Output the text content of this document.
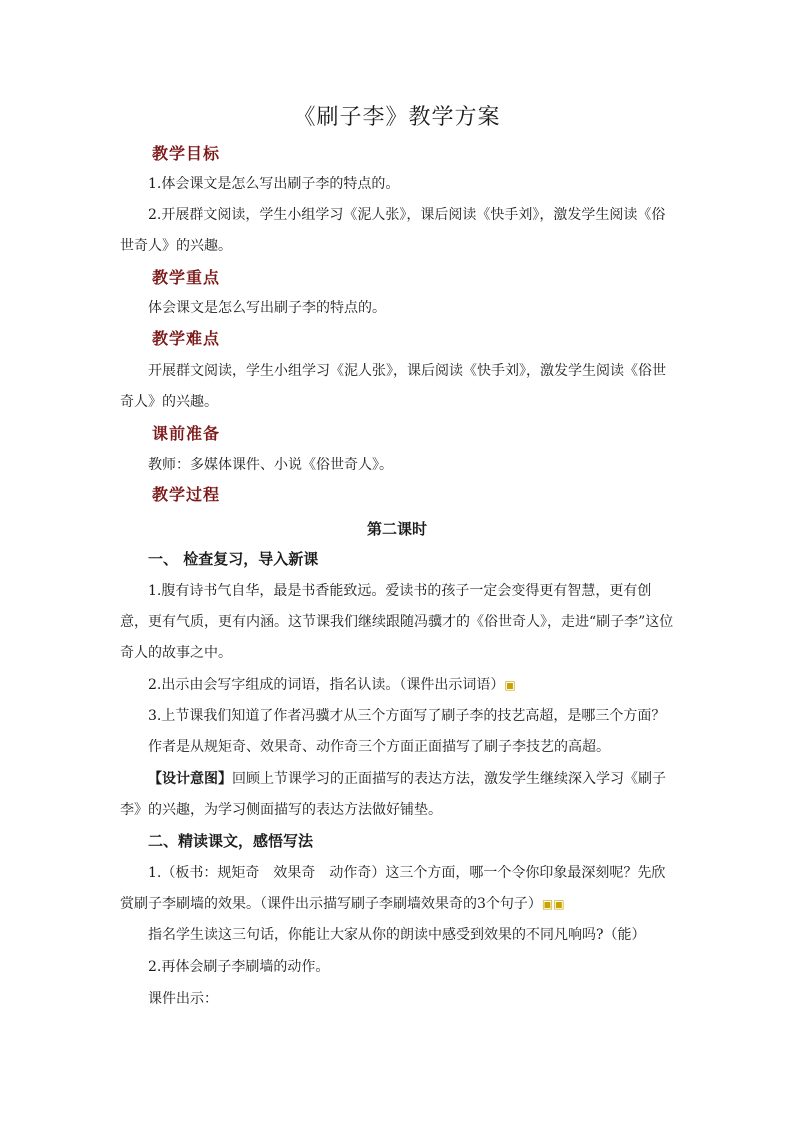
《刷子李》教学方案
教学目标
1.体会课文是怎么写出刷子李的特点的。
2.开展群文阅读，学生小组学习《泥人张》，课后阅读《快手刘》，激发学生阅读《俗世奇人》的兴趣。
教学重点
体会课文是怎么写出刷子李的特点的。
教学难点
开展群文阅读，学生小组学习《泥人张》，课后阅读《快手刘》，激发学生阅读《俗世奇人》的兴趣。
课前准备
教师：多媒体课件、小说《俗世奇人》。
教学过程
第二课时
一、 检查复习，导入新课
1.腹有诗书气自华，最是书香能致远。爱读书的孩子一定会变得更有智慧，更有创意，更有气质，更有内涵。这节课我们继续跟随冯骥才的《俗世奇人》，走进“刷子李”这位奇人的故事之中。
2.出示由会写字组成的词语，指名认读。（课件出示词语）▣
3.上节课我们知道了作者冯骥才从三个方面写了刷子李的技艺高超，是哪三个方面？
作者是从规矩奇、效果奇、动作奇三个方面正面描写了刷子李技艺的高超。
【设计意图】回顾上节课学习的正面描写的表达方法，激发学生继续深入学习《刷子李》的兴趣，为学习侧面描写的表达方法做好铺垫。
二、精读课文，感悟写法
1.（板书：规矩奇　效果奇　动作奇）这三个方面，哪一个令你印象最深刻呢？先欣赏刷子李刷墙的效果。（课件出示描写刷子李刷墙效果奇的3个句子）▣▣
指名学生读这三句话，你能让大家从你的朗读中感受到效果的不同凡响吗?（能）
2.再体会刷子李刷墙的动作。
课件出示：
